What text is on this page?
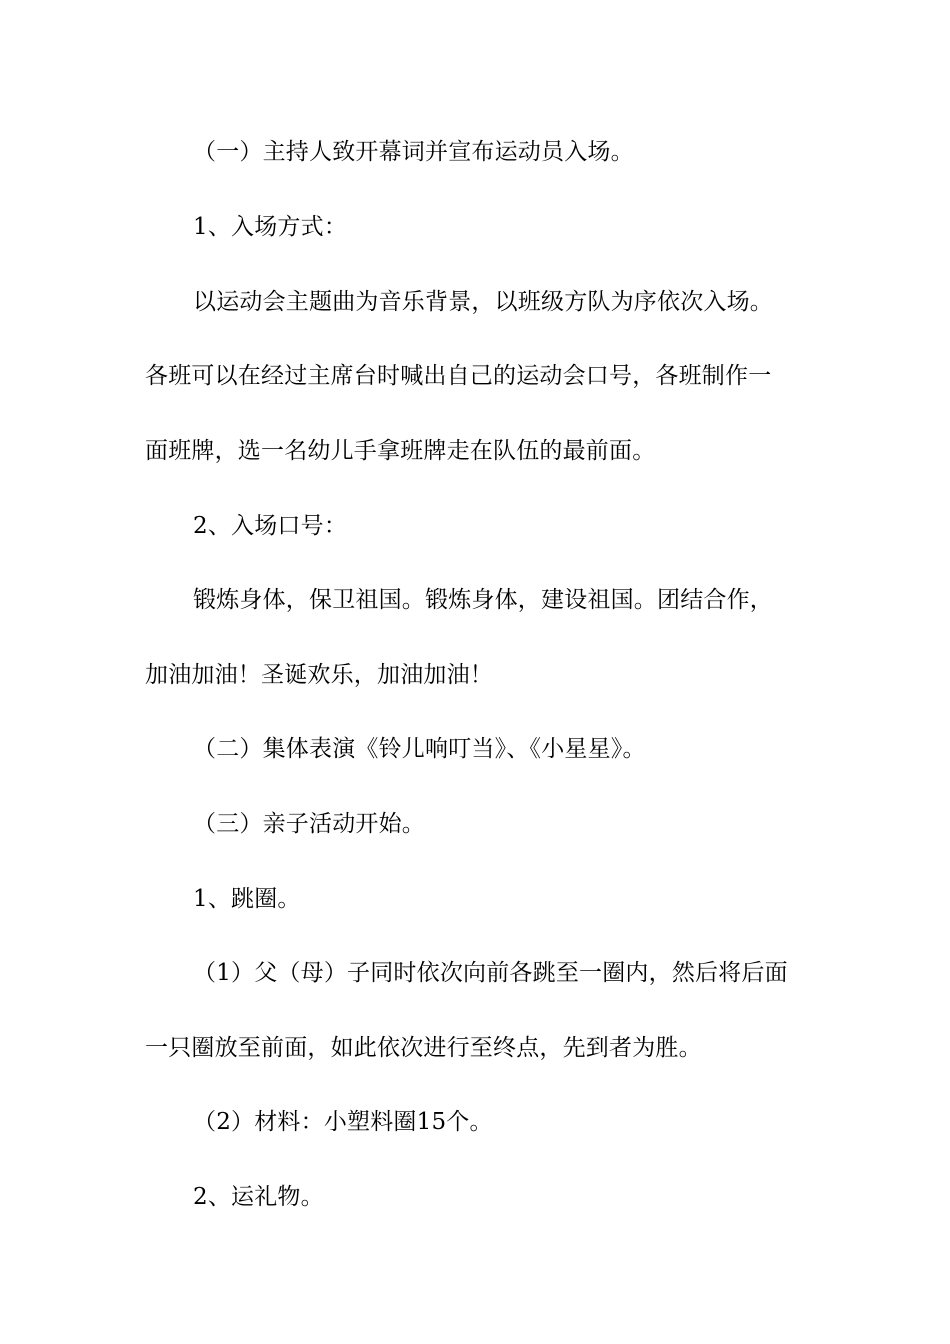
（一）主持人致开幕词并宣布运动员入场。

1、入场方式：

以运动会主题曲为音乐背景，以班级方队为序依次入场。

各班可以在经过主席台时喊出自己的运动会口号，各班制作一

面班牌，选一名幼儿手拿班牌走在队伍的最前面。

2、入场口号：

锻炼身体，保卫祖国。锻炼身体，建设祖国。团结合作，

加油加油！圣诞欢乐，加油加油！

（二）集体表演《铃儿响叮当》、《小星星》。

（三）亲子活动开始。

1、跳圈。

（1）父（母）子同时依次向前各跳至一圈内，然后将后面

一只圈放至前面，如此依次进行至终点，先到者为胜。

（2）材料：小塑料圈15个。

2、运礼物。
